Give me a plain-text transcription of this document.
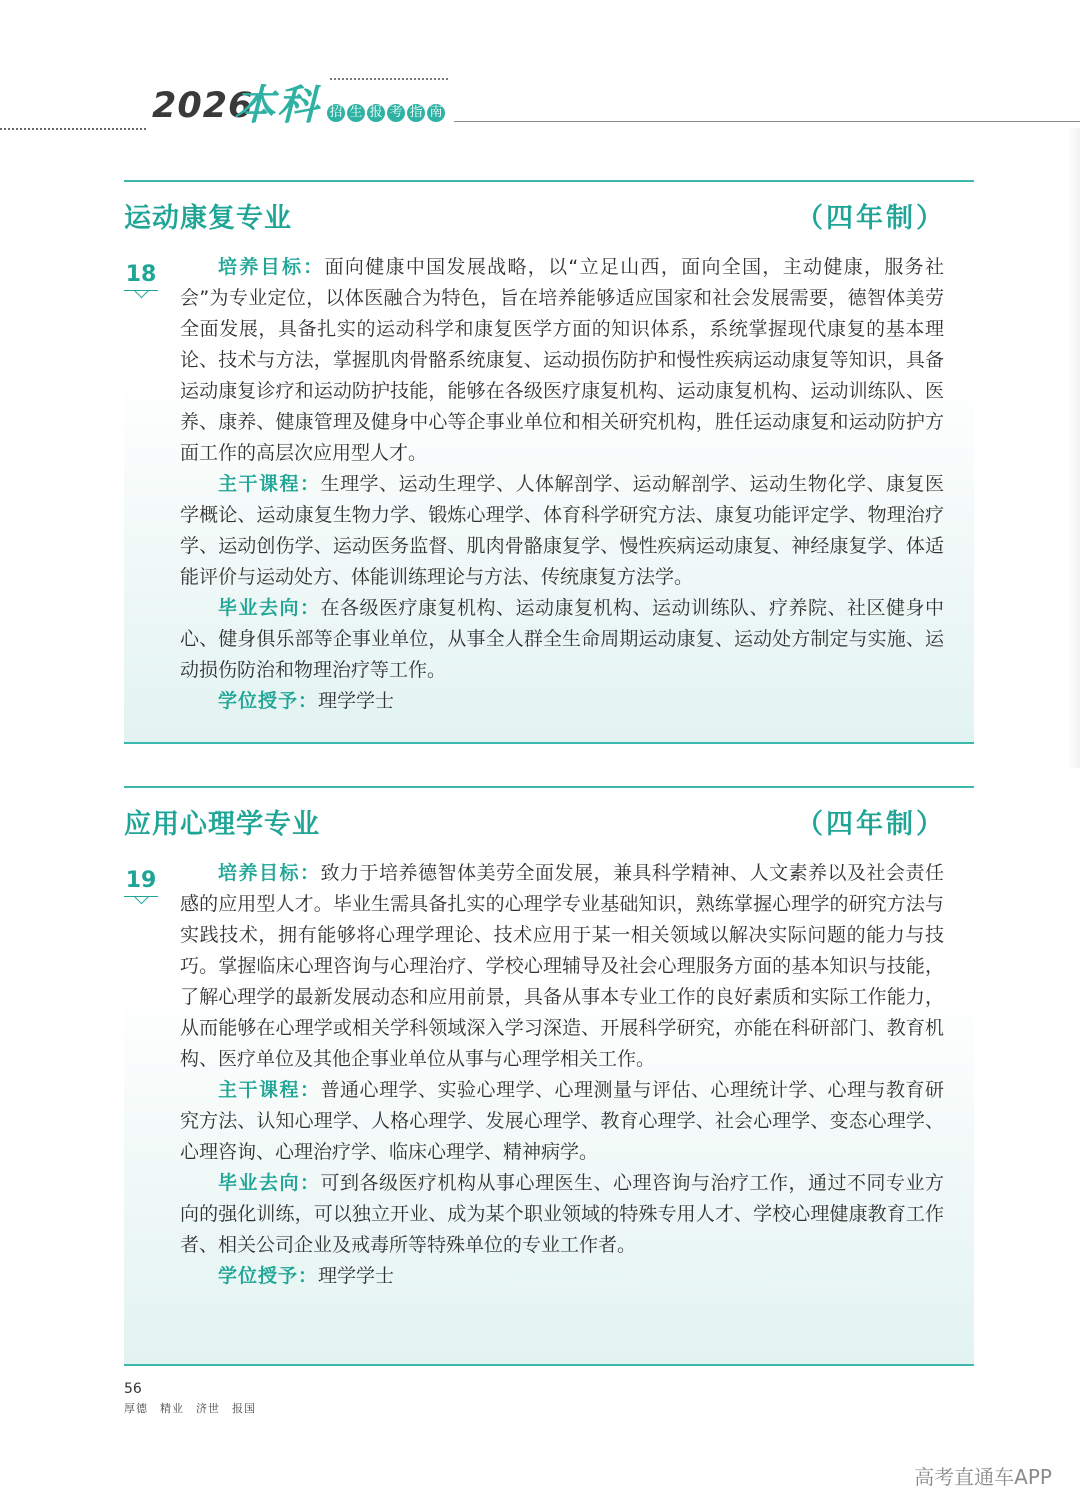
2026
本科 招 生 报 考 指 南
运动康复专业	（四年制）
18	培养目标：面向健康中国发展战略，以“立足山西，面向全国，主动健康，服务社会”为专业定位，以体医融合为特色，旨在培养能够适应国家和社会发展需要，德智体美劳全面发展，具备扎实的运动科学和康复医学方面的知识体系，系统掌握现代康复的基本理论、技术与方法，掌握肌肉骨骼系统康复、运动损伤防护和慢性疾病运动康复等知识，具备运动康复诊疗和运动防护技能，能够在各级医疗康复机构、运动康复机构、运动训练队、医养、康养、健康管理及健身中心等企事业单位和相关研究机构，胜任运动康复和运动防护方面工作的高层次应用型人才。

主干课程：生理学、运动生理学、人体解剖学、运动解剖学、运动生物化学、康复医学概论、运动康复生物力学、锻炼心理学、体育科学研究方法、康复功能评定学、物理治疗学、运动创伤学、运动医务监督、肌肉骨骼康复学、慢性疾病运动康复、神经康复学、体适能评价与运动处方、体能训练理论与方法、传统康复方法学。

毕业去向：在各级医疗康复机构、运动康复机构、运动训练队、疗养院、社区健身中心、健身俱乐部等企事业单位，从事全人群全生命周期运动康复、运动处方制定与实施、运动损伤防治和物理治疗等工作。

学位授予：理学学士

应用心理学专业	（四年制）
19	培养目标：致力于培养德智体美劳全面发展，兼具科学精神、人文素养以及社会责任感的应用型人才。毕业生需具备扎实的心理学专业基础知识，熟练掌握心理学的研究方法与实践技术，拥有能够将心理学理论、技术应用于某一相关领域以解决实际问题的能力与技巧。掌握临床心理咨询与心理治疗、学校心理辅导及社会心理服务方面的基本知识与技能，了解心理学的最新发展动态和应用前景，具备从事本专业工作的良好素质和实际工作能力，从而能够在心理学或相关学科领域深入学习深造、开展科学研究，亦能在科研部门、教育机构、医疗单位及其他企事业单位从事与心理学相关工作。

主干课程：普通心理学、实验心理学、心理测量与评估、心理统计学、心理与教育研究方法、认知心理学、人格心理学、发展心理学、教育心理学、社会心理学、变态心理学、心理咨询、心理治疗学、临床心理学、精神病学。

毕业去向：可到各级医疗机构从事心理医生、心理咨询与治疗工作，通过不同专业方向的强化训练，可以独立开业、成为某个职业领域的特殊专用人才、学校心理健康教育工作者、相关公司企业及戒毒所等特殊单位的专业工作者。

学位授予：理学学士

56
厚德　精业　济世　报国
高考直通车APP
